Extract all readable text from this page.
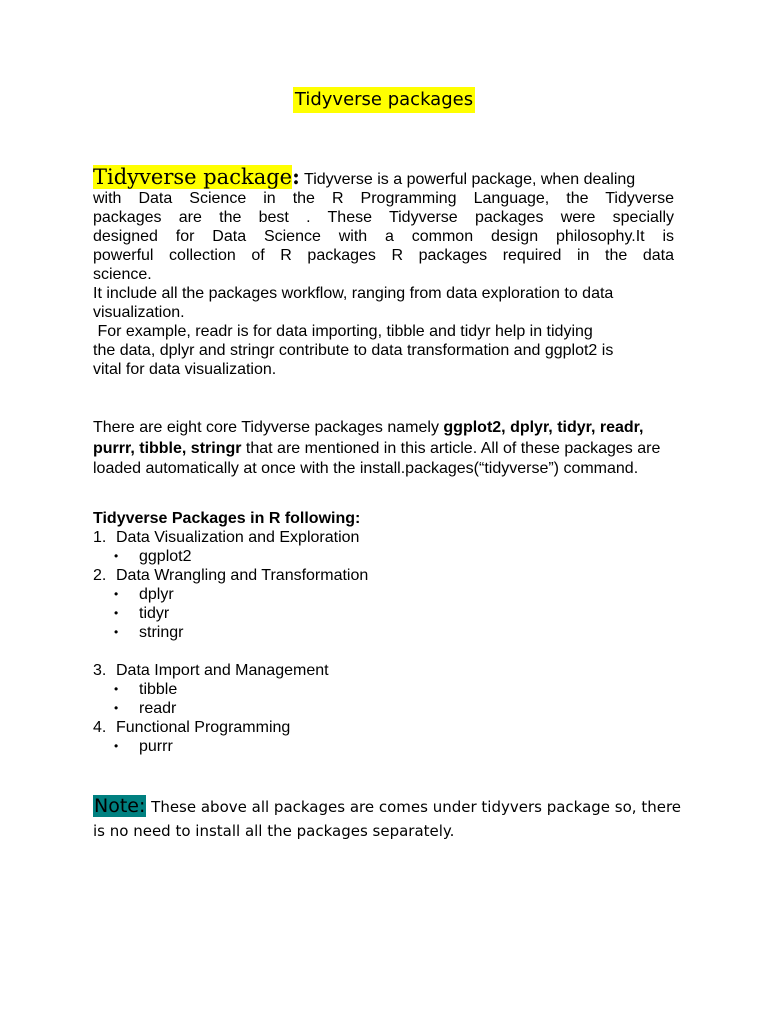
Tidyverse packages
Tidyverse package: Tidyverse is a powerful package, when dealing
with Data Science in the R Programming Language, the Tidyverse
packages are the best . These Tidyverse packages were specially
designed for Data Science with a common design philosophy.It is
powerful collection of R packages R packages required in the data
science.
It include all the packages workflow, ranging from data exploration to data
visualization.
For example, readr is for data importing, tibble and tidyr help in tidying
the data, dplyr and stringr contribute to data transformation and ggplot2 is
vital for data visualization.
There are eight core Tidyverse packages namely ggplot2, dplyr, tidyr, readr, purrr, tibble, stringr that are mentioned in this article. All of these packages are loaded automatically at once with the install.packages(“tidyverse”) command.
Tidyverse Packages in R following:
1. Data Visualization and Exploration
• ggplot2
2. Data Wrangling and Transformation
• dplyr
• tidyr
• stringr
3. Data Import and Management
• tibble
• readr
4. Functional Programming
• purrr
Note: These above all packages are comes under tidyvers package so, there is no need to install all the packages separately.
